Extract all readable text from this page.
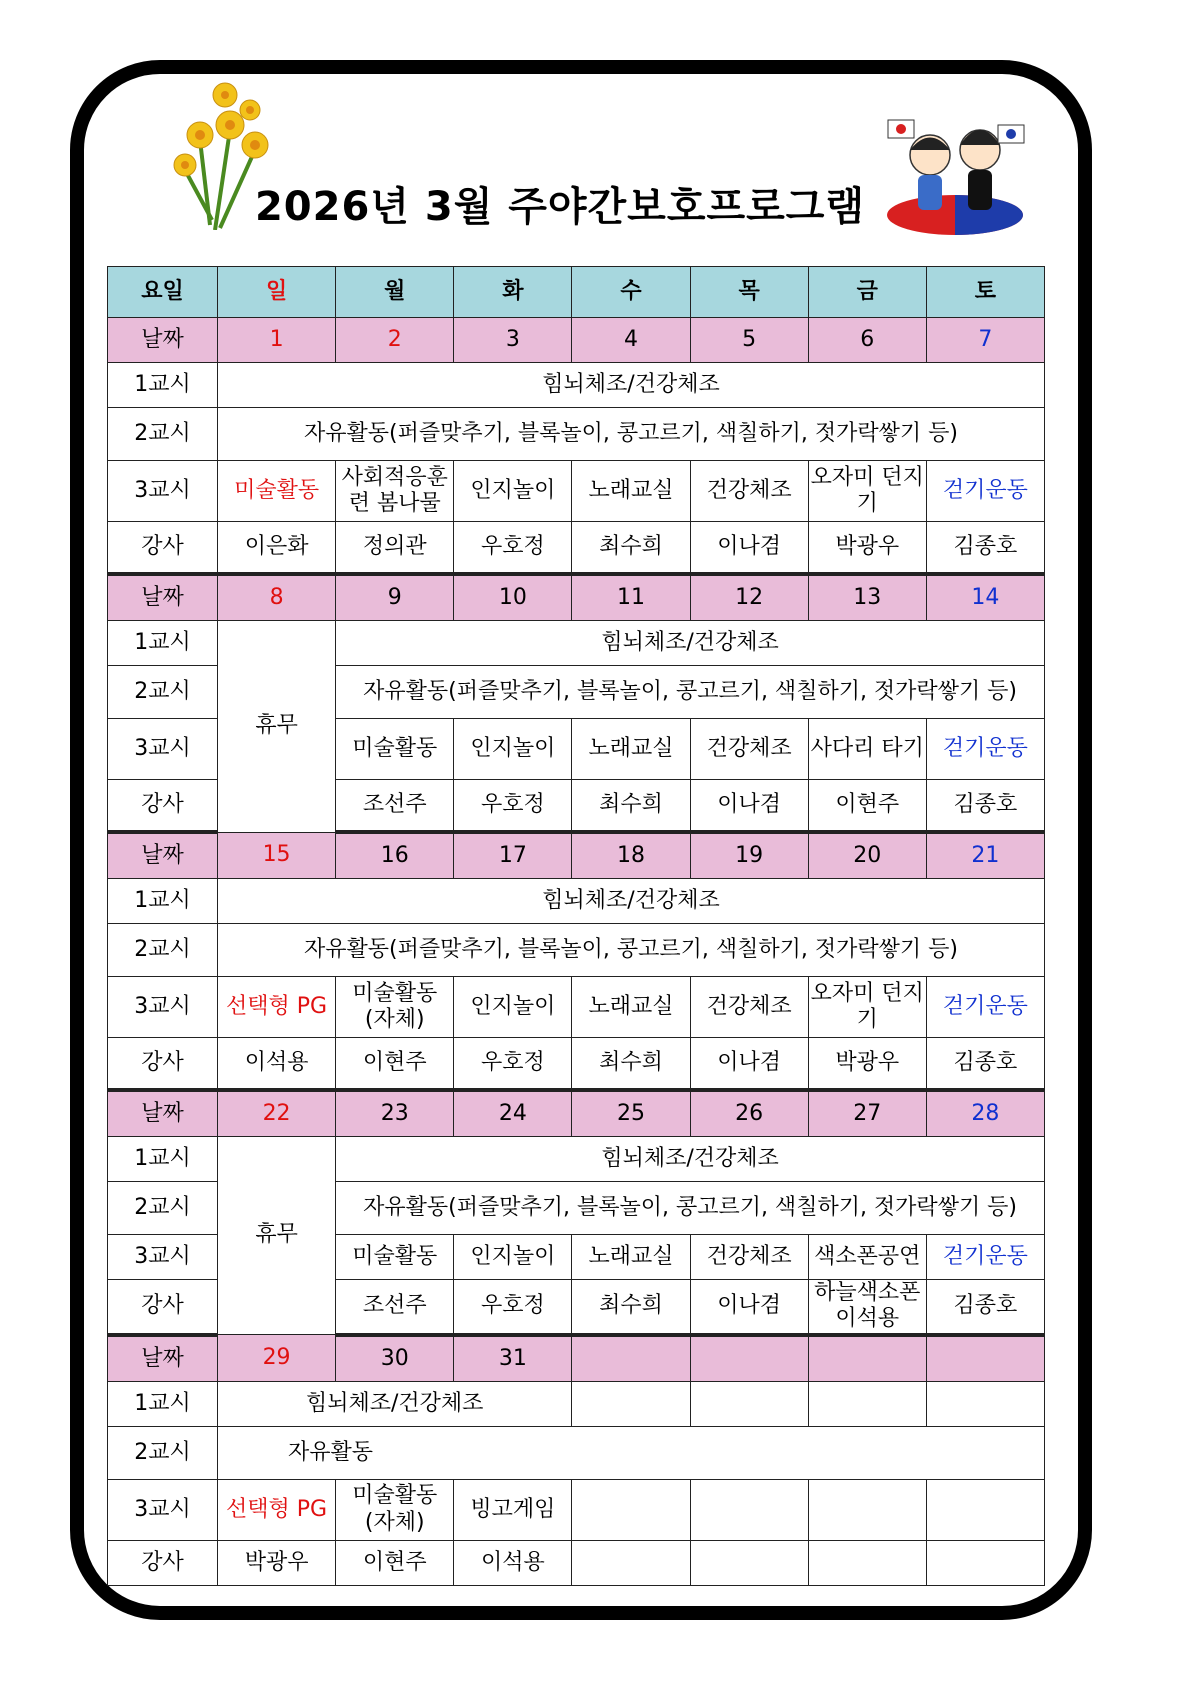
2026년 3월 주야간보호프로그램
요일	일	월	화	수	목	금	토
날짜	1	2	3	4	5	6	7
1교시	힘뇌체조/건강체조						
2교시	자유활동(퍼즐맞추기, 블록놀이, 콩고르기, 색칠하기, 젓가락쌓기 등)						
3교시	미술활동	사회적응훈련 봄나물	인지놀이	노래교실	건강체조	오자미 던지기	걷기운동
강사	이은화	정의관	우호정	최수희	이나겸	박광우	김종호
날짜	8	9	10	11	12	13	14
1교시	휴무	힘뇌체조/건강체조					
2교시		자유활동(퍼즐맞추기, 블록놀이, 콩고르기, 색칠하기, 젓가락쌓기 등)					
3교시		미술활동	인지놀이	노래교실	건강체조	사다리 타기	걷기운동
강사		조선주	우호정	최수희	이나겸	이현주	김종호
날짜	15	16	17	18	19	20	21
1교시	힘뇌체조/건강체조						
2교시	자유활동(퍼즐맞추기, 블록놀이, 콩고르기, 색칠하기, 젓가락쌓기 등)						
3교시	선택형 PG	미술활동 (자체)	인지놀이	노래교실	건강체조	오자미 던지기	걷기운동
강사	이석용	이현주	우호정	최수희	이나겸	박광우	김종호
날짜	22	23	24	25	26	27	28
1교시	휴무	힘뇌체조/건강체조					
2교시		자유활동(퍼즐맞추기, 블록놀이, 콩고르기, 색칠하기, 젓가락쌓기 등)					
3교시		미술활동	인지놀이	노래교실	건강체조	색소폰공연	걷기운동
강사		조선주	우호정	최수희	이나겸	하늘색소폰 이석용	김종호
날짜	29	30	31				
1교시	힘뇌체조/건강체조						
2교시	자유활동						
3교시	선택형 PG	미술활동 (자체)	빙고게임				
강사	박광우	이현주	이석용				
